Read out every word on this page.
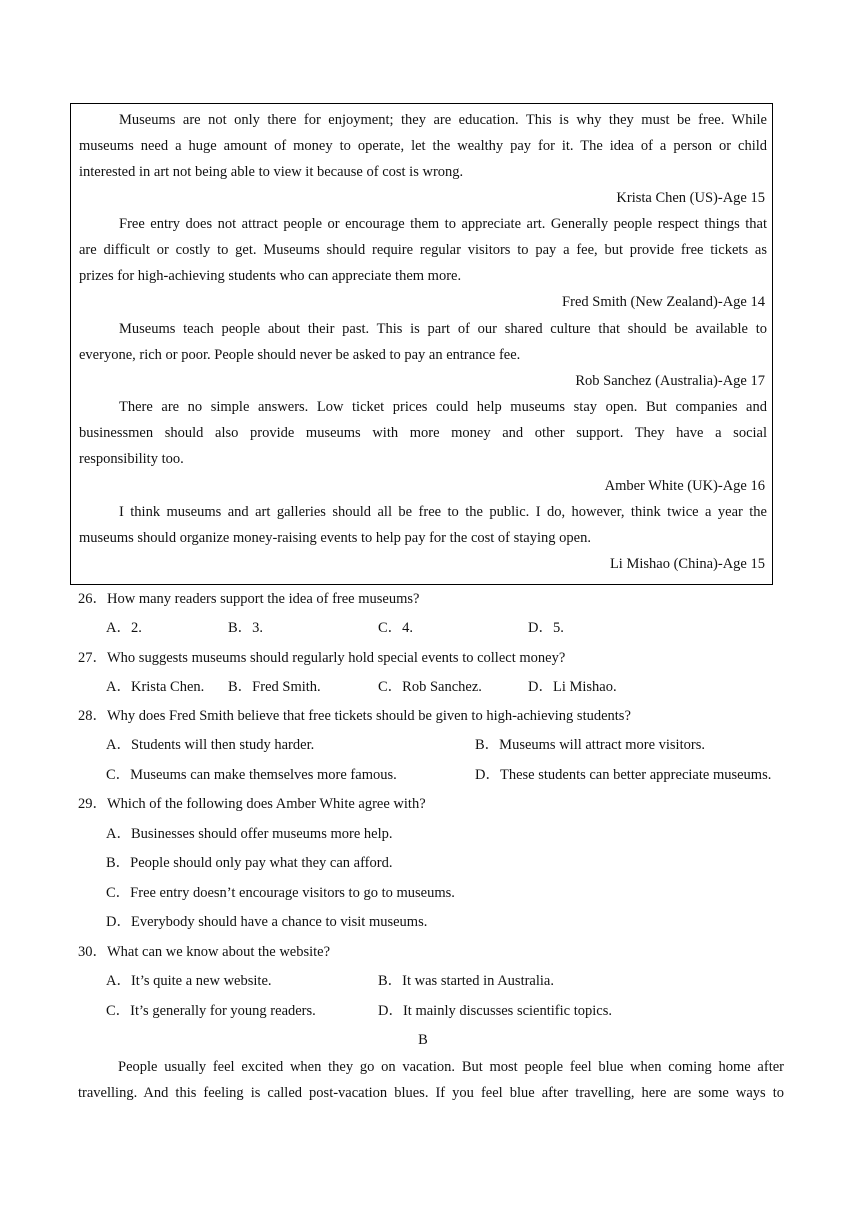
Museums are not only there for enjoyment; they are education. This is why they must be free. While
museums need a huge amount of money to operate, let the wealthy pay for it. The idea of a person or child
interested in art not being able to view it because of cost is wrong.
Krista Chen (US)-Age 15
Free entry does not attract people or encourage them to appreciate art. Generally people respect things that
are difficult or costly to get. Museums should require regular visitors to pay a fee, but provide free tickets as
prizes for high-achieving students who can appreciate them more.
Fred Smith (New Zealand)-Age 14
Museums teach people about their past. This is part of our shared culture that should be available to
everyone, rich or poor. People should never be asked to pay an entrance fee.
Rob Sanchez (Australia)-Age 17
There are no simple answers. Low ticket prices could help museums stay open. But companies and
businessmen should also provide museums with more money and other support. They have a social
responsibility too.
Amber White (UK)-Age 16
I think museums and art galleries should all be free to the public. I do, however, think twice a year the
museums should organize money-raising events to help pay for the cost of staying open.
Li Mishao (China)-Age 15
26．How many readers support the idea of free museums?
A．2.	B．3.	C．4.	D．5.
27．Who suggests museums should regularly hold special events to collect money?
A．Krista Chen. B．Fred Smith.	C．Rob Sanchez.	D．Li Mishao.
28．Why does Fred Smith believe that free tickets should be given to high-achieving students?
A．Students will then study harder.	B．Museums will attract more visitors.
C．Museums can make themselves more famous.	D．These students can better appreciate museums.
29．Which of the following does Amber White agree with?
A．Businesses should offer museums more help.
B．People should only pay what they can afford.
C．Free entry doesn’t encourage visitors to go to museums.
D．Everybody should have a chance to visit museums.
30．What can we know about the website?
A．It’s quite a new website.	B．It was started in Australia.
C．It’s generally for young readers.	D．It mainly discusses scientific topics.
B
People usually feel excited when they go on vacation. But most people feel blue when coming home after
travelling. And this feeling is called post-vacation blues. If you feel blue after travelling, here are some ways to
